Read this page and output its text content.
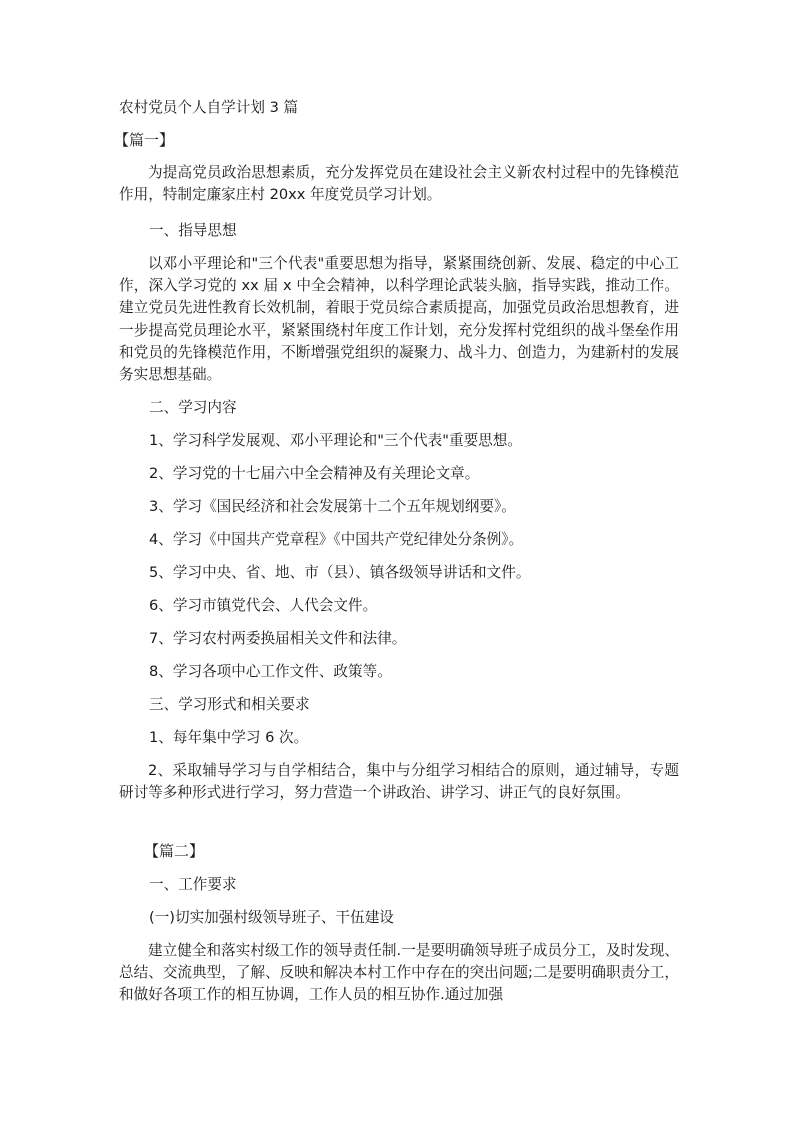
农村党员个人自学计划 3 篇

【篇一】

为提高党员政治思想素质，充分发挥党员在建设社会主义新农村过程中的先锋模范作用，特制定廉家庄村 20xx 年度党员学习计划。

一、指导思想

以邓小平理论和"三个代表"重要思想为指导，紧紧围绕创新、发展、稳定的中心工作，深入学习党的 xx 届 x 中全会精神，以科学理论武装头脑，指导实践，推动工作。建立党员先进性教育长效机制，着眼于党员综合素质提高，加强党员政治思想教育，进一步提高党员理论水平，紧紧围绕村年度工作计划，充分发挥村党组织的战斗堡垒作用和党员的先锋模范作用，不断增强党组织的凝聚力、战斗力、创造力，为建新村的发展务实思想基础。

二、学习内容

1、学习科学发展观、邓小平理论和"三个代表"重要思想。

2、学习党的十七届六中全会精神及有关理论文章。

3、学习《国民经济和社会发展第十二个五年规划纲要》。

4、学习《中国共产党章程》《中国共产党纪律处分条例》。

5、学习中央、省、地、市（县）、镇各级领导讲话和文件。

6、学习市镇党代会、人代会文件。

7、学习农村两委换届相关文件和法律。

8、学习各项中心工作文件、政策等。

三、学习形式和相关要求

1、每年集中学习 6 次。

2、采取辅导学习与自学相结合，集中与分组学习相结合的原则，通过辅导，专题研讨等多种形式进行学习，努力营造一个讲政治、讲学习、讲正气的良好氛围。

【篇二】

一、工作要求

(一)切实加强村级领导班子、干伍建设

建立健全和落实村级工作的领导责任制.一是要明确领导班子成员分工，及时发现、总结、交流典型，了解、反映和解决本村工作中存在的突出问题;二是要明确职责分工，和做好各项工作的相互协调，工作人员的相互协作.通过加强
